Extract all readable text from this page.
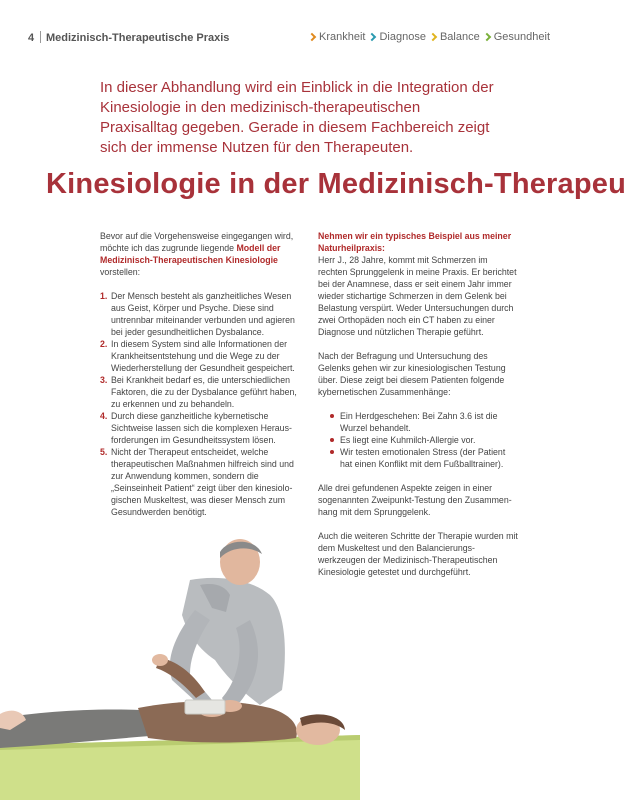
4 Medizinisch-Therapeutische Praxis	Krankheit Diagnose Balance Gesundheit

In dieser Abhandlung wird ein Einblick in die Integration der Kinesiologie in den medizinisch-therapeutischen Praxisalltag gegeben. Gerade in diesem Fachbereich zeigt sich der immense Nutzen für den Therapeuten.

Kinesiologie in der Medizinisch-Therapeu

Bevor auf die Vorgehensweise eingegangen wird, möchte ich das zugrunde liegende Modell der Medizinisch-Therapeutischen Kinesiologie vorstellen:

1. Der Mensch besteht als ganzheitliches Wesen aus Geist, Körper und Psyche. Diese sind untrennbar miteinander verbunden und agieren bei jeder gesundheitlichen Dysbalance.
2. In diesem System sind alle Informationen der Krankheitsentstehung und die Wege zu der Wiederherstellung der Gesundheit gespeichert.
3. Bei Krankheit bedarf es, die unterschiedlichen Faktoren, die zu der Dysbalance geführt haben, zu erkennen und zu behandeln.
4. Durch diese ganzheitliche kybernetische Sichtweise lassen sich die komplexen Herausforderungen im Gesundheitssystem lösen.
5. Nicht der Therapeut entscheidet, welche therapeutischen Maßnahmen hilfreich sind und zur Anwendung kommen, sondern die „Seinseinheit Patient“ zeigt über den kinesiologischen Muskeltest, was dieser Mensch zum Gesundwerden benötigt.

Nehmen wir ein typisches Beispiel aus meiner Naturheilpraxis:

Herr J., 28 Jahre, kommt mit Schmerzen im rechten Sprunggelenk in meine Praxis. Er berichtet bei der Anamnese, dass er seit einem Jahr immer wieder stichartige Schmerzen in dem Gelenk bei Belastung verspürt. Weder Untersuchungen durch zwei Orthopäden noch ein CT haben zu einer Diagnose und nützlichen Therapie geführt.

Nach der Befragung und Untersuchung des Gelenks gehen wir zur kinesiologischen Testung über. Diese zeigt bei diesem Patienten folgende kybernetischen Zusammenhänge:

Ein Herdgeschehen: Bei Zahn 3.6 ist die Wurzel behandelt.
Es liegt eine Kuhmilch-Allergie vor.
Wir testen emotionalen Stress (der Patient hat einen Konflikt mit dem Fußballtrainer).

Alle drei gefundenen Aspekte zeigen in einer sogenannten Zweipunkt-Testung den Zusammenhang mit dem Sprunggelenk.

Auch die weiteren Schritte der Therapie wurden mit dem Muskeltest und den Balancierungswerkzeugen der Medizinisch-Therapeutischen Kinesiologie getestet und durchgeführt.
